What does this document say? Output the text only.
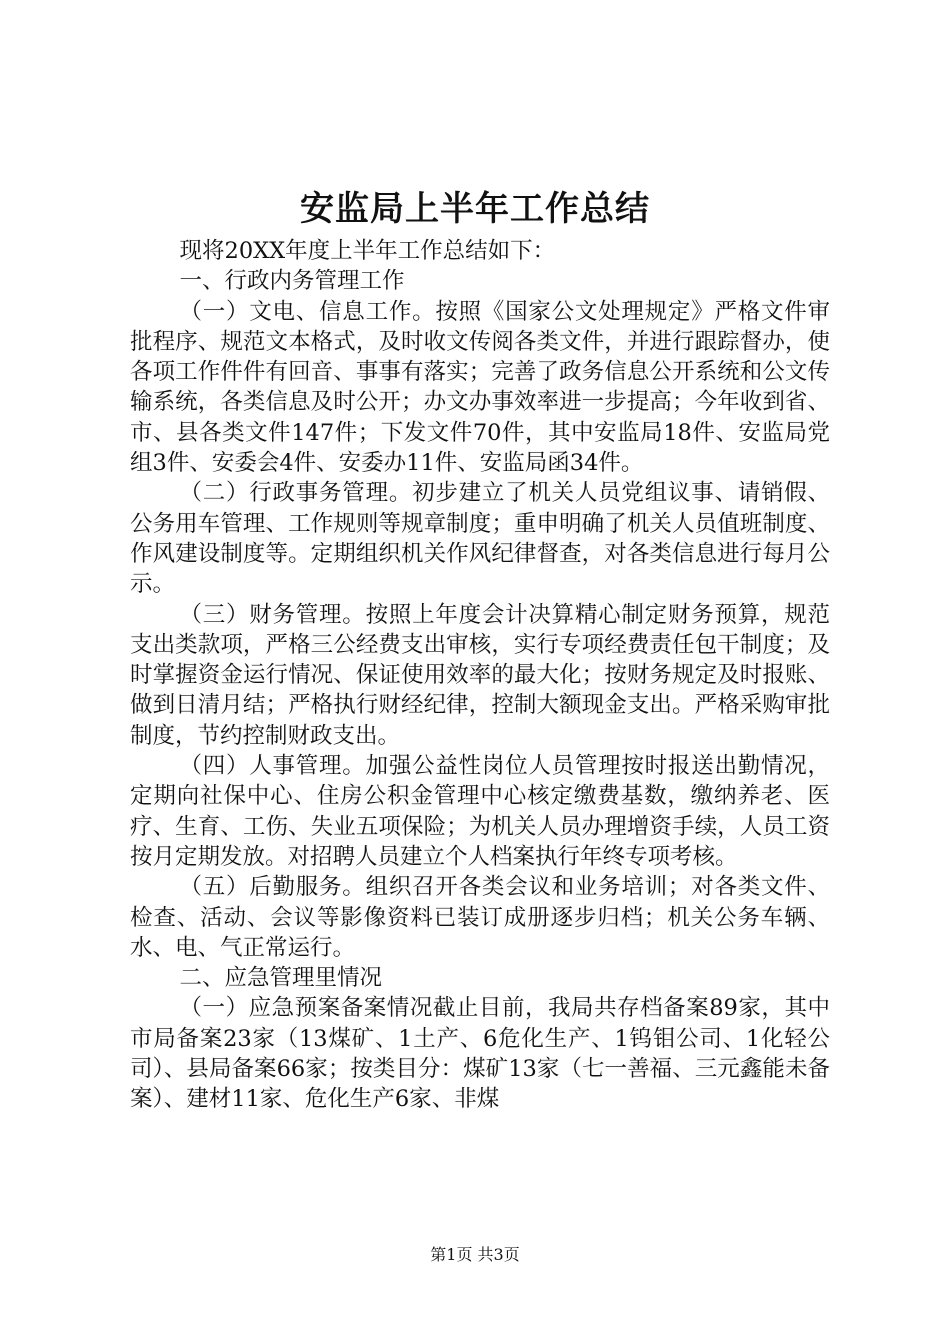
安监局上半年工作总结

现将20XX年度上半年工作总结如下：

一、行政内务管理工作

（一）文电、信息工作。按照《国家公文处理规定》严格文件审批程序、规范文本格式，及时收文传阅各类文件，并进行跟踪督办，使各项工作件件有回音、事事有落实；完善了政务信息公开系统和公文传输系统，各类信息及时公开；办文办事效率进一步提高；今年收到省、市、县各类文件147件；下发文件70件，其中安监局18件、安监局党组3件、安委会4件、安委办11件、安监局函34件。

（二）行政事务管理。初步建立了机关人员党组议事、请销假、公务用车管理、工作规则等规章制度；重申明确了机关人员值班制度、作风建设制度等。定期组织机关作风纪律督查，对各类信息进行每月公示。

（三）财务管理。按照上年度会计决算精心制定财务预算，规范支出类款项，严格三公经费支出审核，实行专项经费责任包干制度；及时掌握资金运行情况、保证使用效率的最大化；按财务规定及时报账、做到日清月结；严格执行财经纪律，控制大额现金支出。严格采购审批制度，节约控制财政支出。

（四）人事管理。加强公益性岗位人员管理按时报送出勤情况，定期向社保中心、住房公积金管理中心核定缴费基数，缴纳养老、医疗、生育、工伤、失业五项保险；为机关人员办理增资手续，人员工资按月定期发放。对招聘人员建立个人档案执行年终专项考核。

（五）后勤服务。组织召开各类会议和业务培训；对各类文件、检查、活动、会议等影像资料已装订成册逐步归档；机关公务车辆、水、电、气正常运行。

二、应急管理里情况

（一）应急预案备案情况截止目前，我局共存档备案89家，其中市局备案23家（13煤矿、1土产、6危化生产、1钨钼公司、1化轻公司）、县局备案66家；按类目分：煤矿13家（七一善福、三元鑫能未备案）、建材11家、危化生产6家、非煤

第1页 共3页
